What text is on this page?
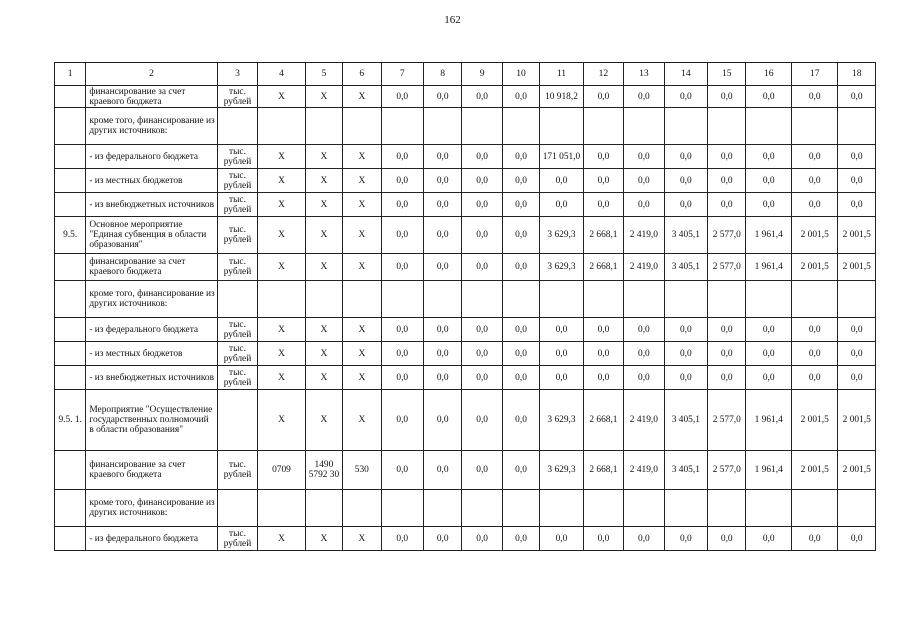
162
1	2	3	4	5	6	7	8	9	10	11	12	13	14	15	16	17	18
	финансирование за счет краевого бюджета	тыс. рублей	Х	Х	Х	0,0	0,0	0,0	0,0	10 918,2	0,0	0,0	0,0	0,0	0,0	0,0	0,0
	кроме того, финансирование из других источников:																
	- из федерального бюджета	тыс. рублей	Х	Х	Х	0,0	0,0	0,0	0,0	171 051,0	0,0	0,0	0,0	0,0	0,0	0,0	0,0
	- из местных бюджетов	тыс. рублей	Х	Х	Х	0,0	0,0	0,0	0,0	0,0	0,0	0,0	0,0	0,0	0,0	0,0	0,0
	- из внебюджетных источников	тыс. рублей	Х	Х	Х	0,0	0,0	0,0	0,0	0,0	0,0	0,0	0,0	0,0	0,0	0,0	0,0
9.5.	Основное мероприятие "Единая субвенция в области образования"	тыс. рублей	Х	Х	Х	0,0	0,0	0,0	0,0	3 629,3	2 668,1	2 419,0	3 405,1	2 577,0	1 961,4	2 001,5	2 001,5
	финансирование за счет краевого бюджета	тыс. рублей	Х	Х	Х	0,0	0,0	0,0	0,0	3 629,3	2 668,1	2 419,0	3 405,1	2 577,0	1 961,4	2 001,5	2 001,5
	кроме того, финансирование из других источников:																
	- из федерального бюджета	тыс. рублей	Х	Х	Х	0,0	0,0	0,0	0,0	0,0	0,0	0,0	0,0	0,0	0,0	0,0	0,0
	- из местных бюджетов	тыс. рублей	Х	Х	Х	0,0	0,0	0,0	0,0	0,0	0,0	0,0	0,0	0,0	0,0	0,0	0,0
	- из внебюджетных источников	тыс. рублей	Х	Х	Х	0,0	0,0	0,0	0,0	0,0	0,0	0,0	0,0	0,0	0,0	0,0	0,0
9.5. 1.	Мероприятие "Осуществление государственных полномочий в области образования"		Х	Х	Х	0,0	0,0	0,0	0,0	3 629,3	2 668,1	2 419,0	3 405,1	2 577,0	1 961,4	2 001,5	2 001,5
	финансирование за счет краевого бюджета	тыс. рублей	0709	1490 5792 30	530	0,0	0,0	0,0	0,0	3 629,3	2 668,1	2 419,0	3 405,1	2 577,0	1 961,4	2 001,5	2 001,5
	кроме того, финансирование из других источников:																
	- из федерального бюджета	тыс. рублей	Х	Х	Х	0,0	0,0	0,0	0,0	0,0	0,0	0,0	0,0	0,0	0,0	0,0	0,0
